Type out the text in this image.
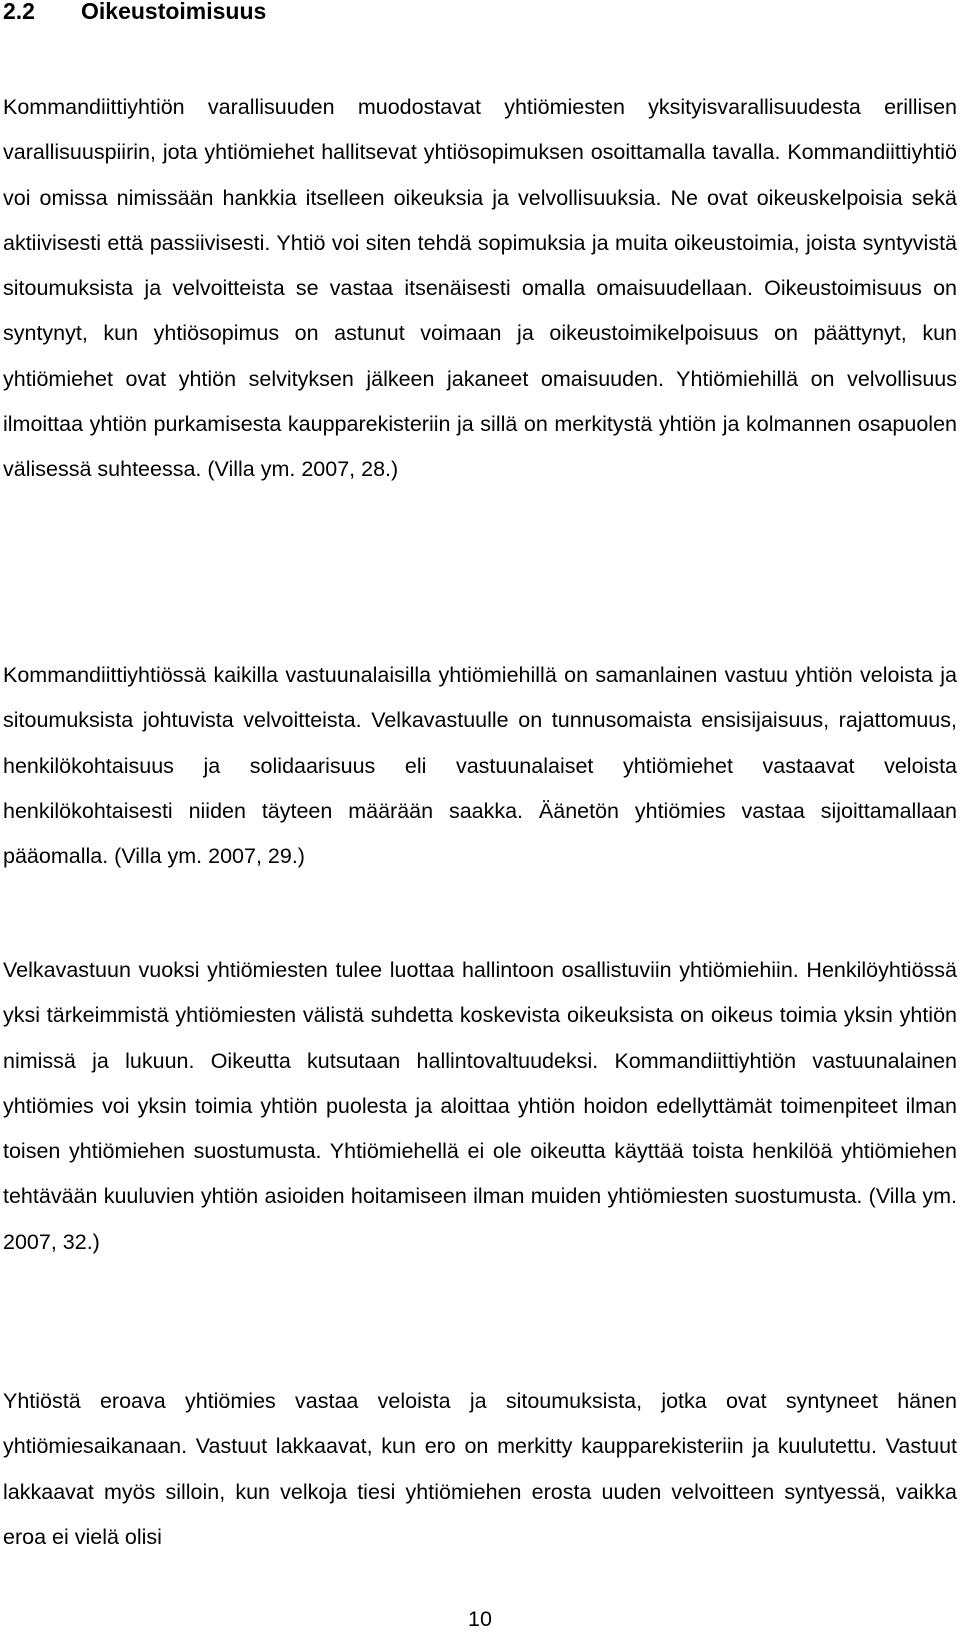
2.2 Oikeustoimisuus

Kommandiittiyhtiön varallisuuden muodostavat yhtiömiesten yksityisvarallisuudesta erillisen varallisuuspiirin, jota yhtiömiehet hallitsevat yhtiösopimuksen osoittamalla tavalla. Kommandiittiyhtiö voi omissa nimissään hankkia itselleen oikeuksia ja velvollisuuksia. Ne ovat oikeuskelpoisia sekä aktiivisesti että passiivisesti. Yhtiö voi siten tehdä sopimuksia ja muita oikeustoimia, joista syntyvistä sitoumuksista ja velvoitteista se vastaa itsenäisesti omalla omaisuudellaan. Oikeustoimisuus on syntynyt, kun yhtiösopimus on astunut voimaan ja oikeustoimikelpoisuus on päättynyt, kun yhtiömiehet ovat yhtiön selvityksen jälkeen jakaneet omaisuuden. Yhtiömiehillä on velvollisuus ilmoittaa yhtiön purkamisesta kaupparekisteriin ja sillä on merkitystä yhtiön ja kolmannen osapuolen välisessä suhteessa. (Villa ym. 2007, 28.)

Kommandiittiyhtiössä kaikilla vastuunalaisilla yhtiömiehillä on samanlainen vastuu yhtiön veloista ja sitoumuksista johtuvista velvoitteista. Velkavastuulle on tunnusomaista ensisijaisuus, rajattomuus, henkilökohtaisuus ja solidaarisuus eli vastuunalaiset yhtiömiehet vastaavat veloista henkilökohtaisesti niiden täyteen määrään saakka. Äänetön yhtiömies vastaa sijoittamallaan pääomalla. (Villa ym. 2007, 29.)

Velkavastuun vuoksi yhtiömiesten tulee luottaa hallintoon osallistuviin yhtiömiehiin. Henkilöyhtiössä yksi tärkeimmistä yhtiömiesten välistä suhdetta koskevista oikeuksista on oikeus toimia yksin yhtiön nimissä ja lukuun. Oikeutta kutsutaan hallintovaltuudeksi. Kommandiittiyhtiön vastuunalainen yhtiömies voi yksin toimia yhtiön puolesta ja aloittaa yhtiön hoidon edellyttämät toimenpiteet ilman toisen yhtiömiehen suostumusta. Yhtiömiehellä ei ole oikeutta käyttää toista henkilöä yhtiömiehen tehtävään kuuluvien yhtiön asioiden hoitamiseen ilman muiden yhtiömiesten suostumusta. (Villa ym. 2007, 32.)

Yhtiöstä eroava yhtiömies vastaa veloista ja sitoumuksista, jotka ovat syntyneet hänen yhtiömiesaikanaan. Vastuut lakkaavat, kun ero on merkitty kaupparekisteriin ja kuulutettu. Vastuut lakkaavat myös silloin, kun velkoja tiesi yhtiömiehen erosta uuden velvoitteen syntyessä, vaikka eroa ei vielä olisi

10
